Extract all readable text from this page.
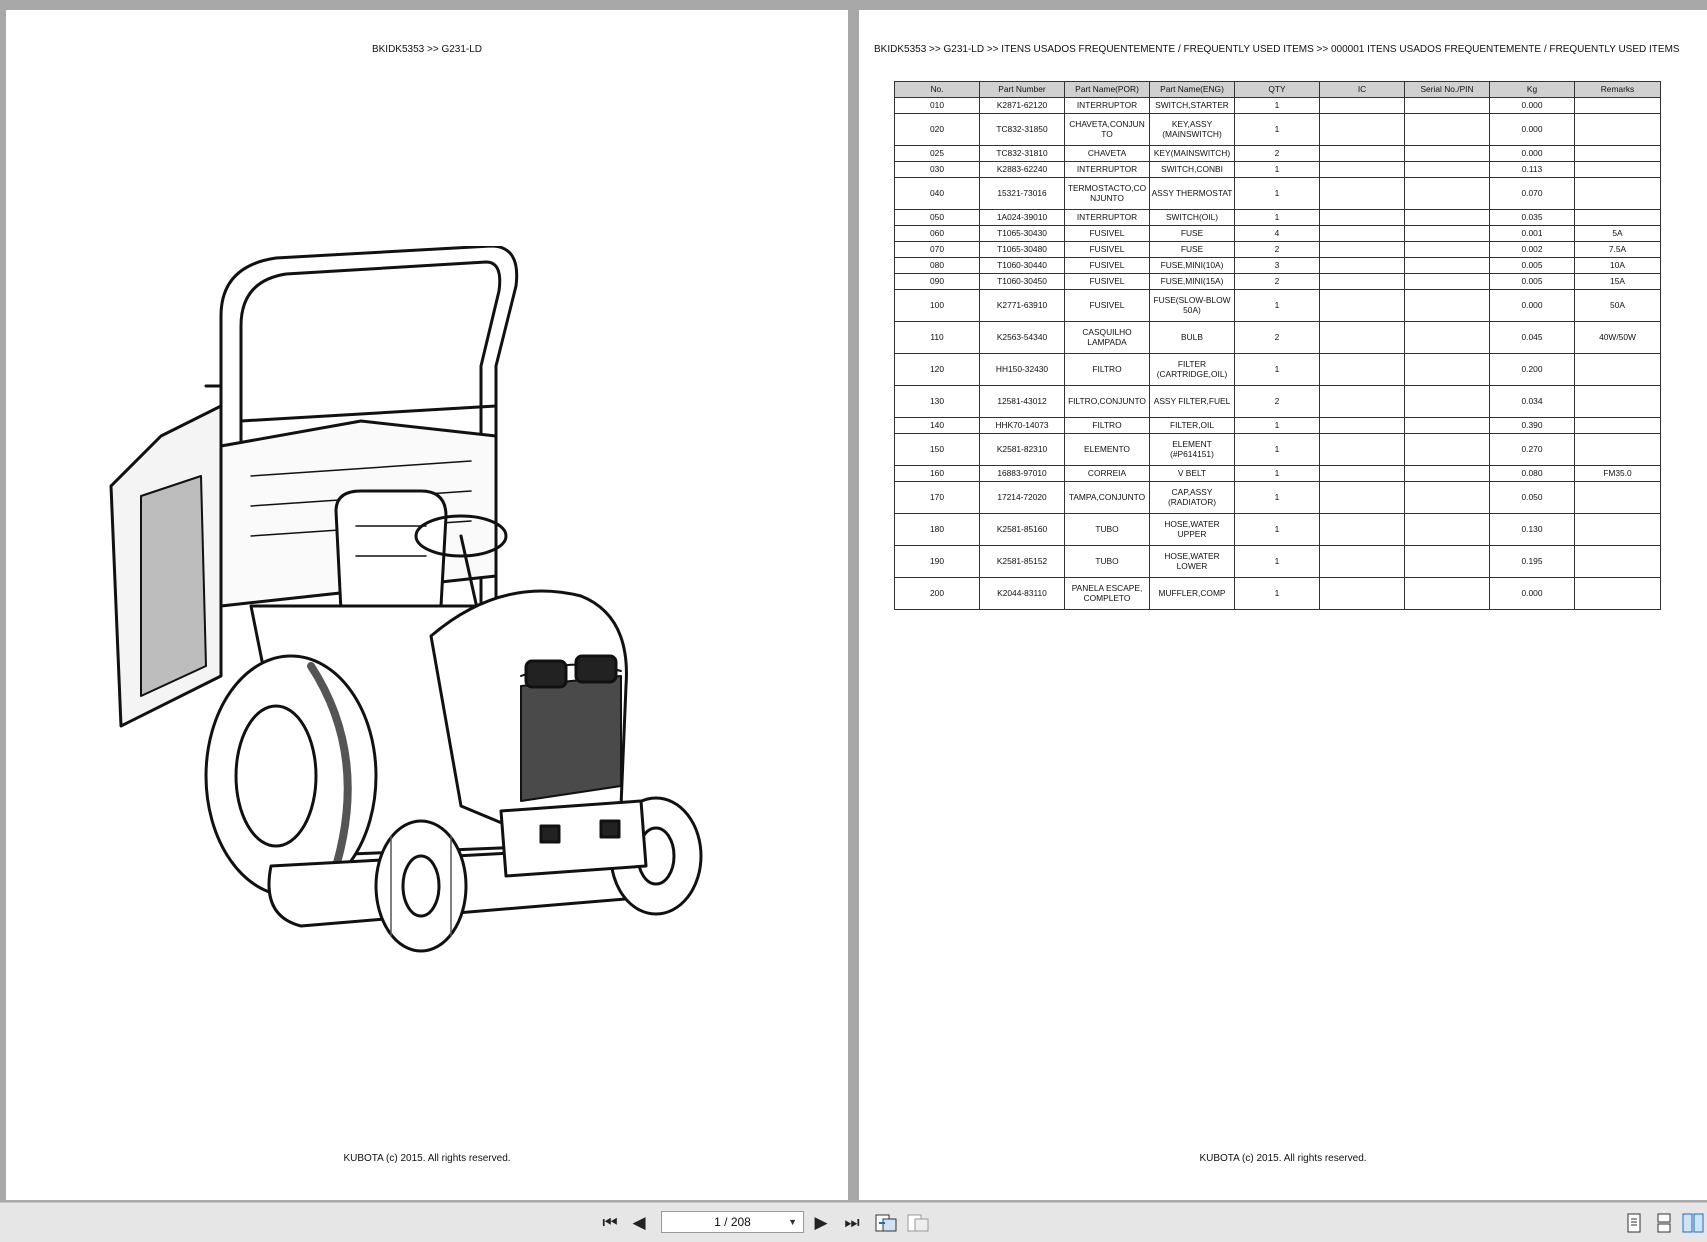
BKIDK5353 >> G231-LD
KUBOTA (c) 2015. All rights reserved.
BKIDK5353 >> G231-LD >> ITENS USADOS FREQUENTEMENTE / FREQUENTLY USED ITEMS >> 000001 ITENS USADOS FREQUENTEMENTE / FREQUENTLY USED ITEMS
No.	Part Number	Part Name(POR)	Part Name(ENG)	QTY	IC	Serial No./PIN	Kg	Remarks
010	K2871-62120	INTERRUPTOR	SWITCH,STARTER	1			0.000	
020	TC832-31850	CHAVETA,CONJUN TO	KEY,ASSY (MAINSWITCH)	1			0.000	
025	TC832-31810	CHAVETA	KEY(MAINSWITCH)	2			0.000	
030	K2883-62240	INTERRUPTOR	SWITCH,CONBI	1			0.113	
040	15321-73016	TERMOSTACTO,CO NJUNTO	ASSY THERMOSTAT	1			0.070	
050	1A024-39010	INTERRUPTOR	SWITCH(OIL)	1			0.035	
060	T1065-30430	FUSIVEL	FUSE	4			0.001	5A
070	T1065-30480	FUSIVEL	FUSE	2			0.002	7.5A
080	T1060-30440	FUSIVEL	FUSE,MINI(10A)	3			0.005	10A
090	T1060-30450	FUSIVEL	FUSE,MINI(15A)	2			0.005	15A
100	K2771-63910	FUSIVEL	FUSE(SLOW-BLOW 50A)	1			0.000	50A
110	K2563-54340	CASQUILHO LAMPADA	BULB	2			0.045	40W/50W
120	HH150-32430	FILTRO	FILTER (CARTRIDGE,OIL)	1			0.200	
130	12581-43012	FILTRO,CONJUNTO	ASSY FILTER,FUEL	2			0.034	
140	HHK70-14073	FILTRO	FILTER,OIL	1			0.390	
150	K2581-82310	ELEMENTO	ELEMENT (#P614151)	1			0.270	
160	16883-97010	CORREIA	V BELT	1			0.080	FM35.0
170	17214-72020	TAMPA,CONJUNTO	CAP,ASSY (RADIATOR)	1			0.050	
180	K2581-85160	TUBO	HOSE,WATER UPPER	1			0.130	
190	K2581-85152	TUBO	HOSE,WATER LOWER	1			0.195	
200	K2044-83110	PANELA ESCAPE, COMPLETO	MUFFLER,COMP	1			0.000	
KUBOTA (c) 2015. All rights reserved.
⏮ ◀	1 / 208	▼	▶ ⏭
